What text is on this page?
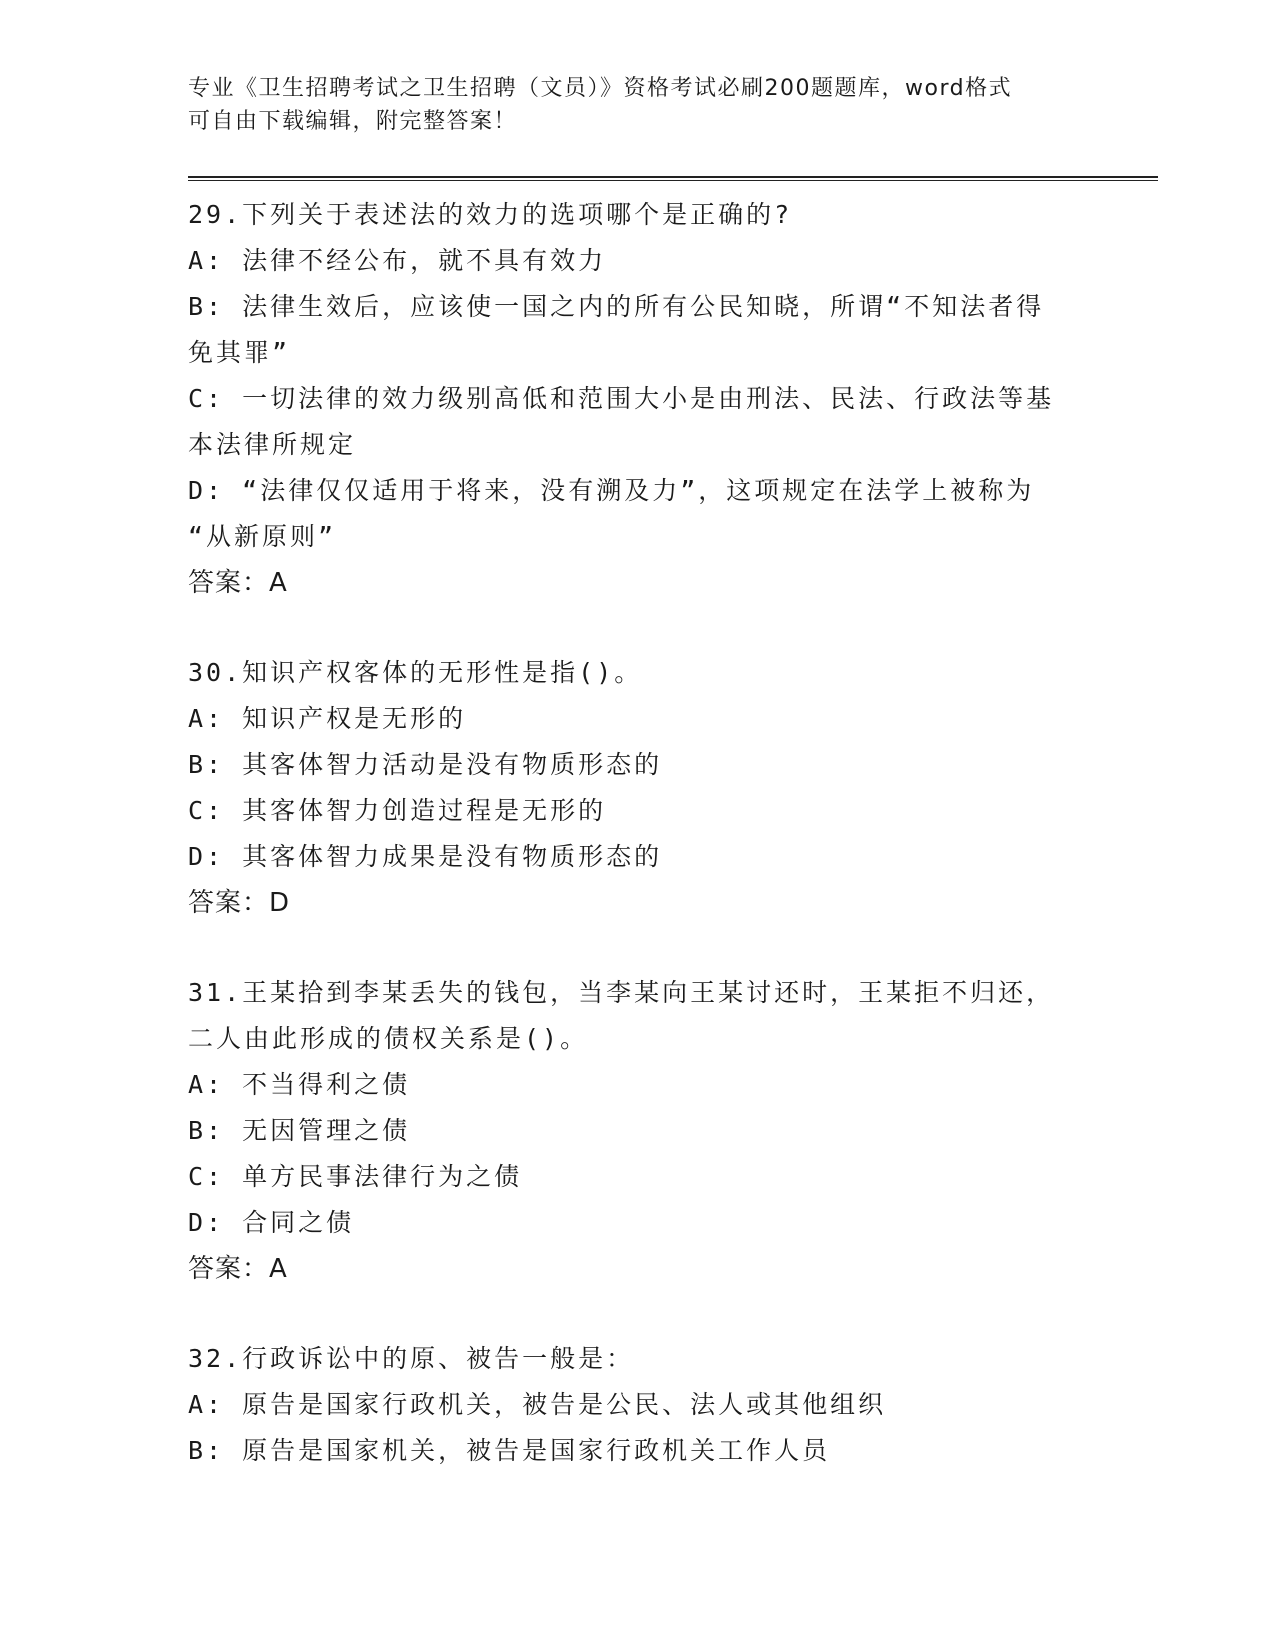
专业《卫生招聘考试之卫生招聘（文员）》资格考试必刷200题题库，word格式
可自由下载编辑，附完整答案！
29.下列关于表述法的效力的选项哪个是正确的?
A: 法律不经公布，就不具有效力
B: 法律生效后，应该使一国之内的所有公民知晓，所谓“不知法者得
免其罪”
C: 一切法律的效力级别高低和范围大小是由刑法、民法、行政法等基
本法律所规定
D: “法律仅仅适用于将来，没有溯及力”，这项规定在法学上被称为
“从新原则”
答案：A
30.知识产权客体的无形性是指()。
A: 知识产权是无形的
B: 其客体智力活动是没有物质形态的
C: 其客体智力创造过程是无形的
D: 其客体智力成果是没有物质形态的
答案：D
31.王某拾到李某丢失的钱包，当李某向王某讨还时，王某拒不归还，
二人由此形成的债权关系是()。
A: 不当得利之债
B: 无因管理之债
C: 单方民事法律行为之债
D: 合同之债
答案：A
32.行政诉讼中的原、被告一般是：
A: 原告是国家行政机关，被告是公民、法人或其他组织
B: 原告是国家机关，被告是国家行政机关工作人员
